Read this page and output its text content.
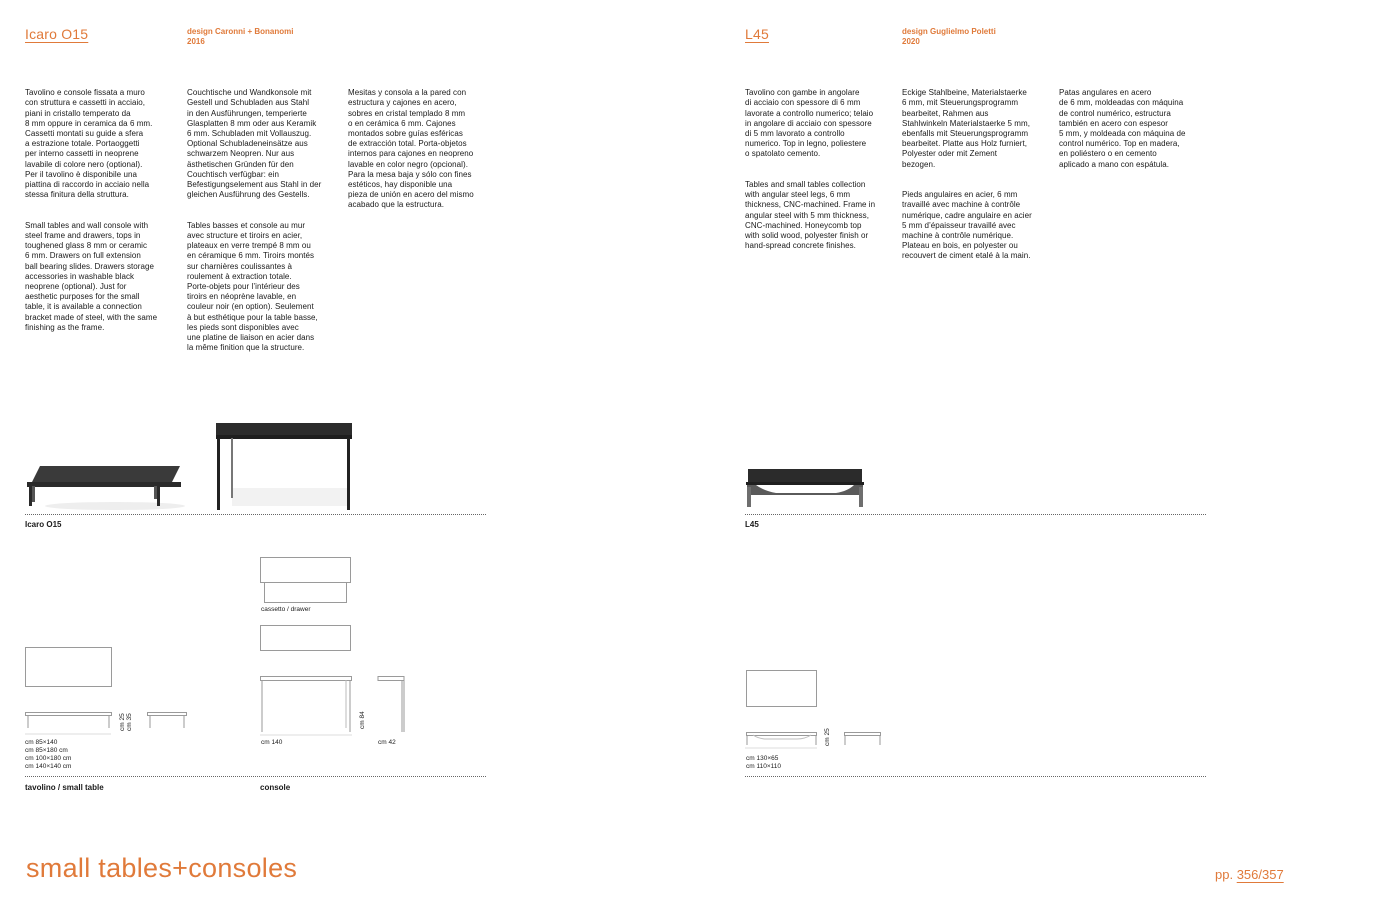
Icaro O15	design Caronni + Bonanomi
2016

Tavolino e console fissata a muro
con struttura e cassetti in acciaio,
piani in cristallo temperato da
8 mm oppure in ceramica da 6 mm.
Cassetti montati su guide a sfera
a estrazione totale. Portaoggetti
per interno cassetti in neoprene
lavabile di colore nero (optional).
Per il tavolino è disponibile una
piattina di raccordo in acciaio nella
stessa finitura della struttura.

Small tables and wall console with
steel frame and drawers, tops in
toughened glass 8 mm or ceramic
6 mm. Drawers on full extension
ball bearing slides. Drawers storage
accessories in washable black
neoprene (optional). Just for
aesthetic purposes for the small
table, it is available a connection
bracket made of steel, with the same
finishing as the frame.

Couchtische und Wandkonsole mit
Gestell und Schubladen aus Stahl
in den Ausführungen, temperierte
Glasplatten 8 mm oder aus Keramik
6 mm. Schubladen mit Vollauszug.
Optional Schubladeneinsätze aus
schwarzem Neopren. Nur aus
ästhetischen Gründen für den
Couchtisch verfügbar: ein
Befestigungselement aus Stahl in der
gleichen Ausführung des Gestells.

Tables basses et console au mur
avec structure et tiroirs en acier,
plateaux en verre trempé 8 mm ou
en céramique 6 mm. Tiroirs montés
sur charnières coulissantes à
roulement à extraction totale.
Porte-objets pour l’intérieur des
tiroirs en néoprène lavable, en
couleur noir (en option). Seulement
à but esthétique pour la table basse,
les pieds sont disponibles avec
une platine de liaison en acier dans
la même finition que la structure.

Mesitas y consola a la pared con
estructura y cajones en acero,
sobres en cristal templado 8 mm
o en cerámica 6 mm. Cajones
montados sobre guías esféricas
de extracción total. Porta-objetos
internos para cajones en neopreno
lavable en color negro (opcional).
Para la mesa baja y sólo con fines
estéticos, hay disponible una
pieza de unión en acero del mismo
acabado que la estructura.

Icaro O15
cassetto / drawer
cm 25 cm 35
cm 85×140
cm 85×180 cm
cm 100×180 cm
cm 140×140 cm
cm 84
cm 140	cm 42
tavolino / small table	console
L45	design Guglielmo Poletti
2020

Tavolino con gambe in angolare
di acciaio con spessore di 6 mm
lavorate a controllo numerico; telaio
in angolare di acciaio con spessore
di 5 mm lavorato a controllo
numerico. Top in legno, poliestere
o spatolato cemento.

Tables and small tables collection
with angular steel legs, 6 mm
thickness, CNC-machined. Frame in
angular steel with 5 mm thickness,
CNC-machined. Honeycomb top
with solid wood, polyester finish or
hand-spread concrete finishes.

Eckige Stahlbeine, Materialstaerke
6 mm, mit Steuerungsprogramm
bearbeitet, Rahmen aus
Stahlwinkeln Materialstaerke 5 mm,
ebenfalls mit Steuerungsprogramm
bearbeitet. Platte aus Holz furniert,
Polyester oder mit Zement
bezogen.

Pieds angulaires en acier, 6 mm
travaillé avec machine à contrôle
numérique, cadre angulaire en acier
5 mm d’épaisseur travaillé avec
machine à contrôle numérique.
Plateau en bois, en polyester ou
recouvert de ciment etalé à la main.

Patas angulares en acero
de 6 mm, moldeadas con máquina
de control numérico, estructura
también en acero con espesor
5 mm, y moldeada con máquina de
control numérico. Top en madera,
en poliéstero o en cemento
aplicado a mano con espátula.

L45
cm 25
cm 130×65
cm 110×110
small tables+consoles	pp. 356/357
